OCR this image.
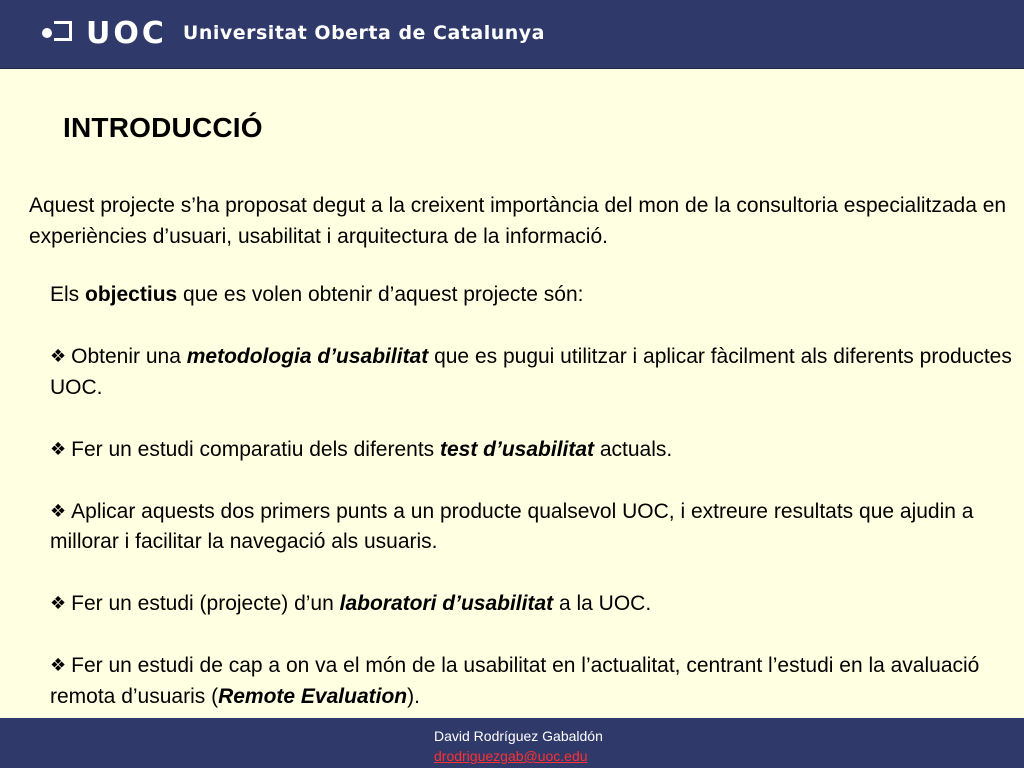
UOC Universitat Oberta de Catalunya
INTRODUCCIÓ
Aquest projecte s’ha proposat degut a la creixent importància del mon de la consultoria especialitzada en experiències d’usuari, usabilitat i arquitectura de la informació.

Els objectius que es volen obtenir d’aquest projecte són:

❖ Obtenir una metodologia d’usabilitat que es pugui utilitzar i aplicar fàcilment als diferents productes UOC.

❖ Fer un estudi comparatiu dels diferents test d’usabilitat actuals.

❖ Aplicar aquests dos primers punts a un producte qualsevol UOC, i extreure resultats que ajudin a millorar i facilitar la navegació als usuaris.

❖ Fer un estudi (projecte) d’un laboratori d’usabilitat a la UOC.

❖ Fer un estudi de cap a on va el món de la usabilitat en l’actualitat, centrant l’estudi en la avaluació remota d’usuaris (Remote Evaluation).

David Rodríguez Gabaldón
drodriguezgab@uoc.edu
